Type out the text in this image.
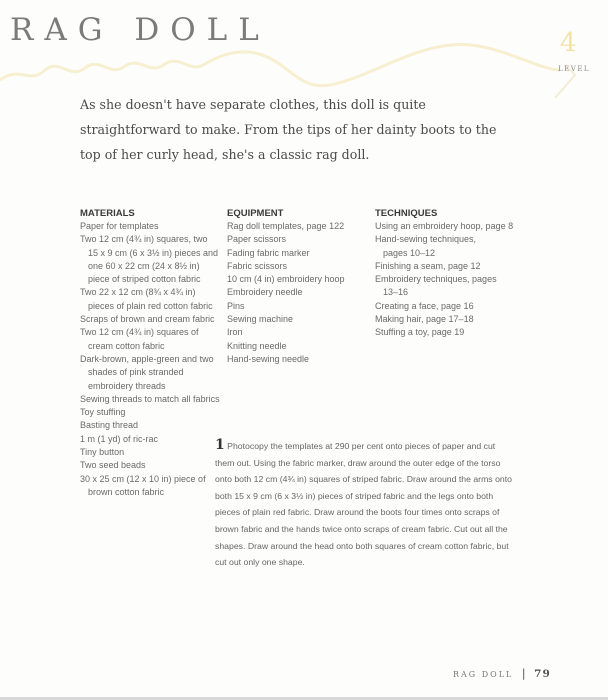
RAG DOLL	4
LEVEL

As she doesn't have separate clothes, this doll is quite straightforward to make. From the tips of her dainty boots to the top of her curly head, she's a classic rag doll.

MATERIALS
Paper for templates
Two 12 cm (4¾ in) squares, two
15 x 9 cm (6 x 3½ in) pieces and
one 60 x 22 cm (24 x 8½ in)
piece of striped cotton fabric
Two 22 x 12 cm (8¾ x 4¾ in)
pieces of plain red cotton fabric
Scraps of brown and cream fabric
Two 12 cm (4¾ in) squares of
cream cotton fabric
Dark-brown, apple-green and two
shades of pink stranded
embroidery threads
Sewing threads to match all fabrics
Toy stuffing
Basting thread
1 m (1 yd) of ric-rac
Tiny button
Two seed beads
30 x 25 cm (12 x 10 in) piece of
brown cotton fabric
EQUIPMENT
Rag doll templates, page 122
Paper scissors
Fading fabric marker
Fabric scissors
10 cm (4 in) embroidery hoop
Embroidery needle
Pins
Sewing machine
Iron
Knitting needle
Hand-sewing needle
TECHNIQUES
Using an embroidery hoop, page 8
Hand-sewing techniques,
pages 10–12
Finishing a seam, page 12
Embroidery techniques, pages
13–16
Creating a face, page 16
Making hair, page 17–18
Stuffing a toy, page 19

1 Photocopy the templates at 290 per cent onto pieces of paper and cut them out. Using the fabric marker, draw around the outer edge of the torso onto both 12 cm (4¾ in) squares of striped fabric. Draw around the arms onto both 15 x 9 cm (6 x 3½ in) pieces of striped fabric and the legs onto both pieces of plain red fabric. Draw around the boots four times onto scraps of brown fabric and the hands twice onto scraps of cream fabric. Cut out all the shapes. Draw around the head onto both squares of cream cotton fabric, but cut out only one shape.

RAG DOLL | 79
